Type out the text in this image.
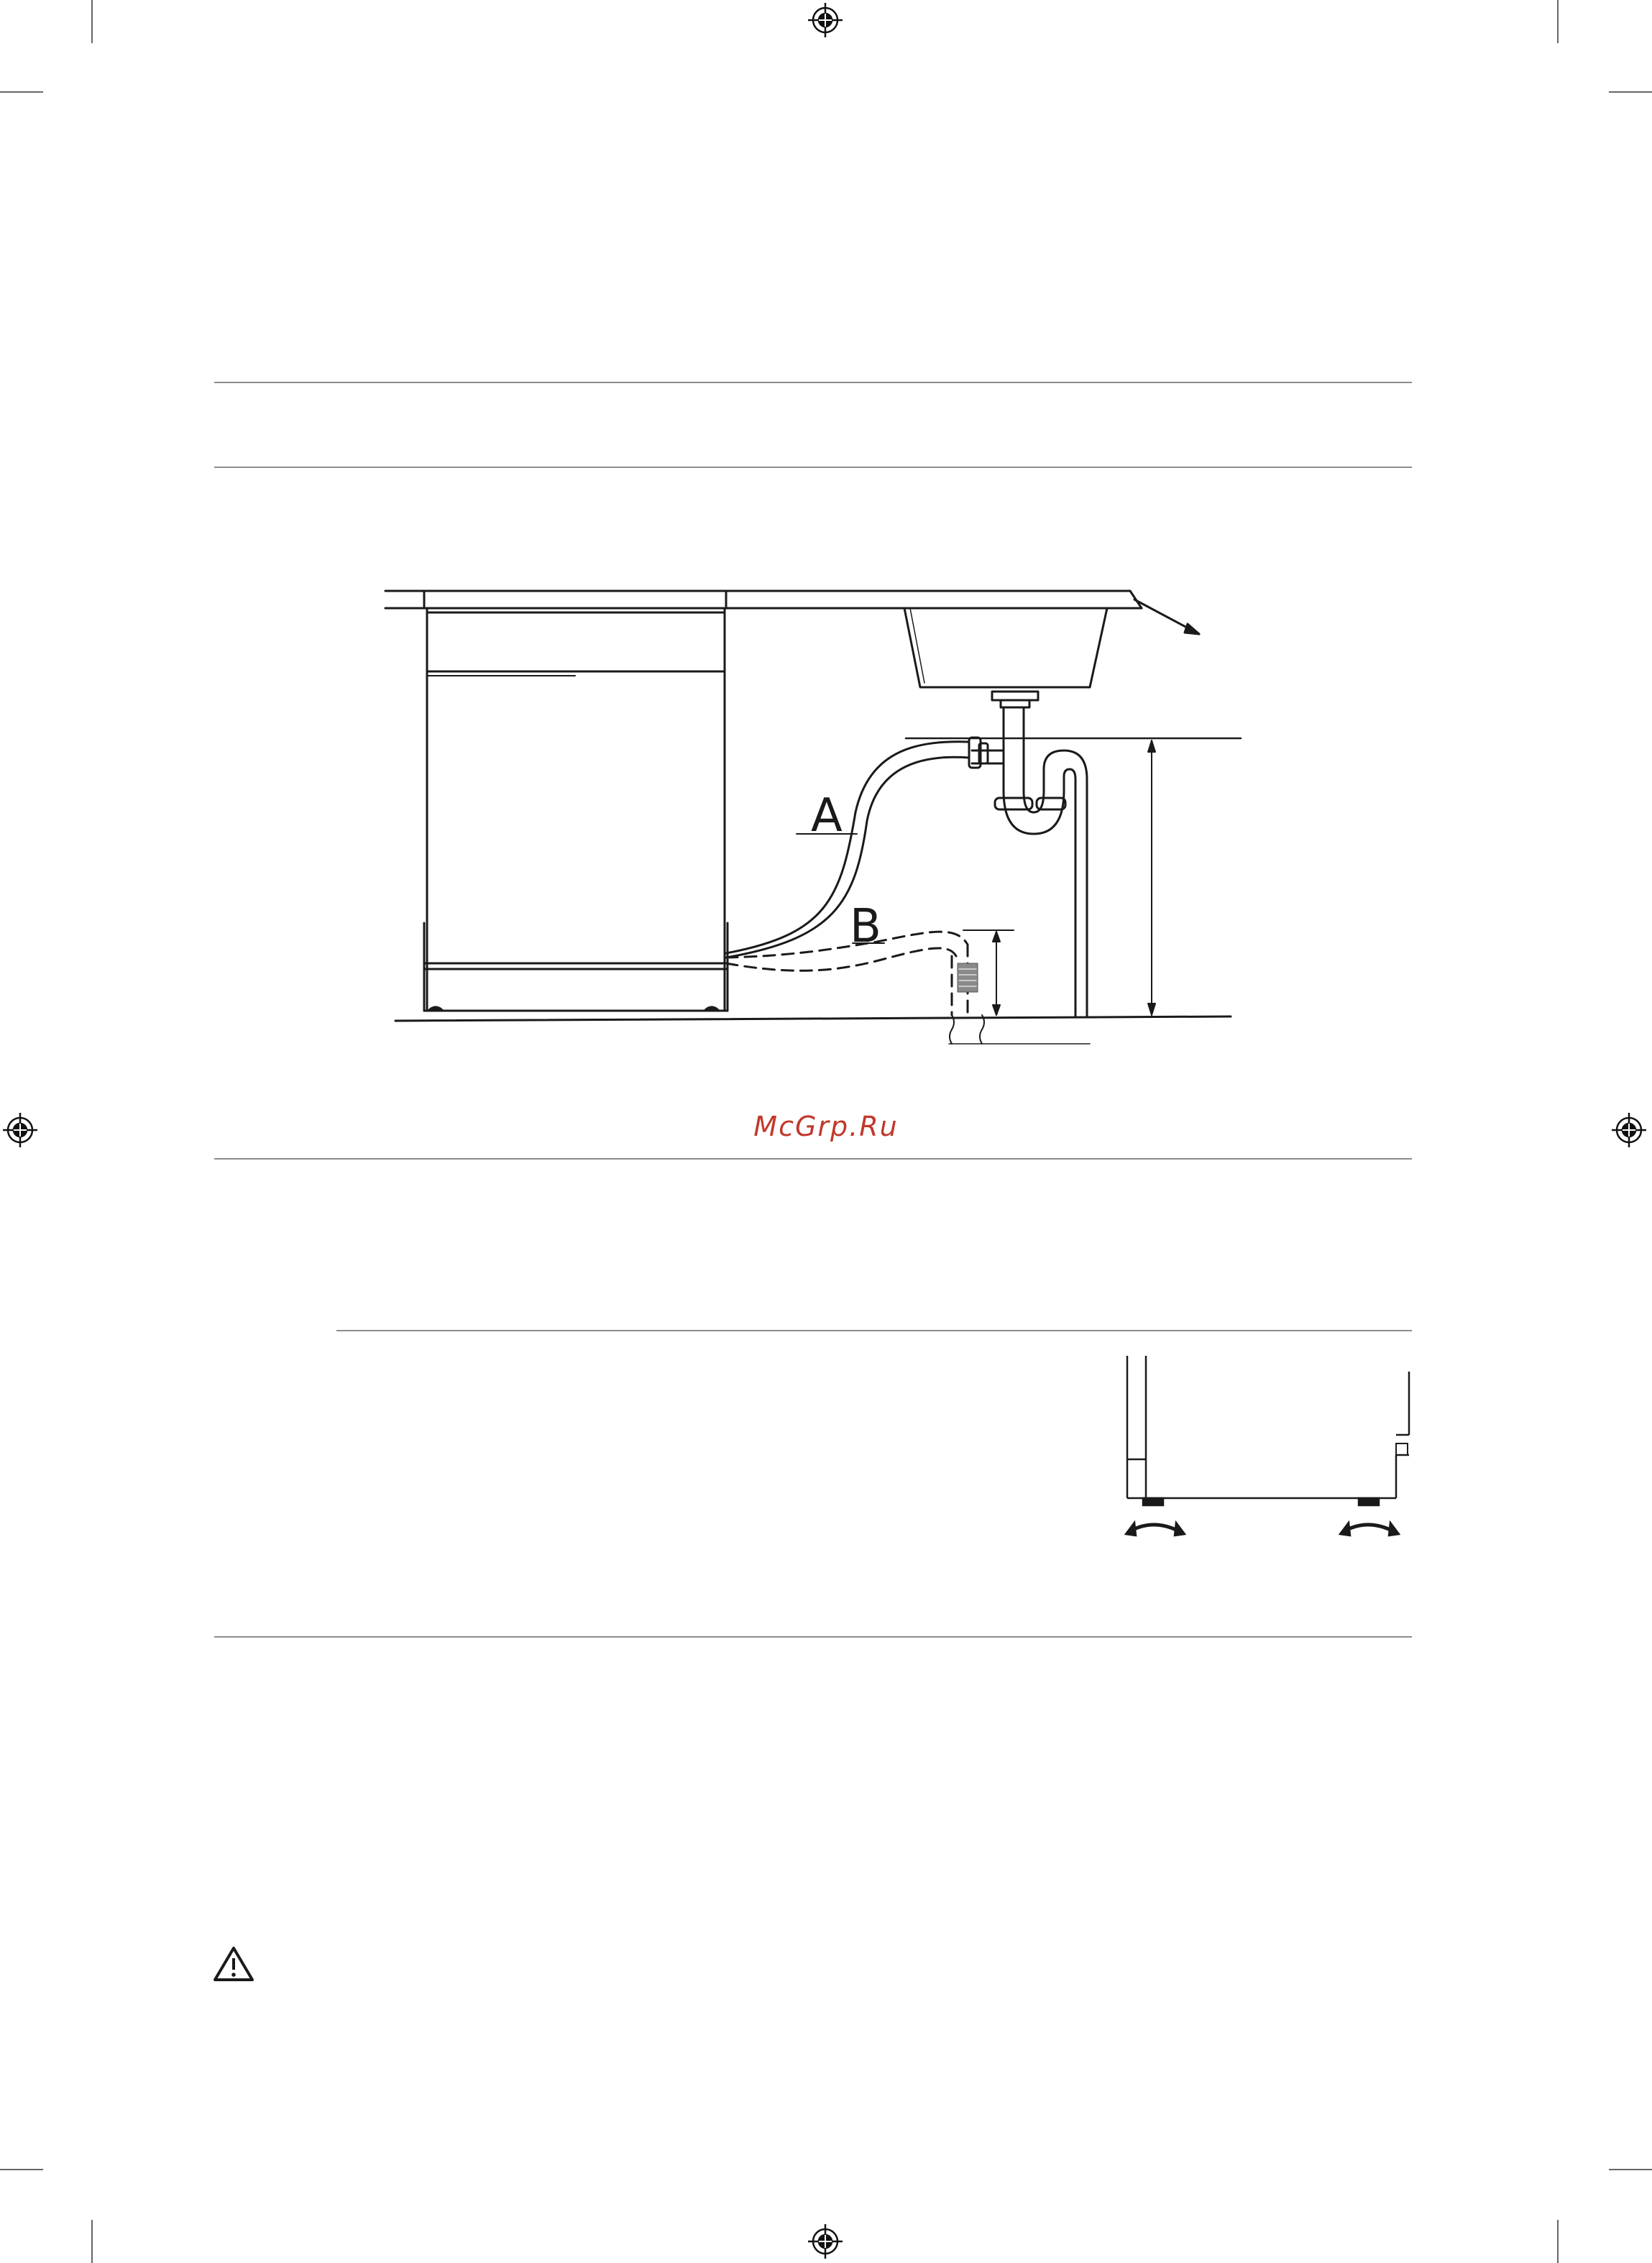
A
B
McGrp.Ru
